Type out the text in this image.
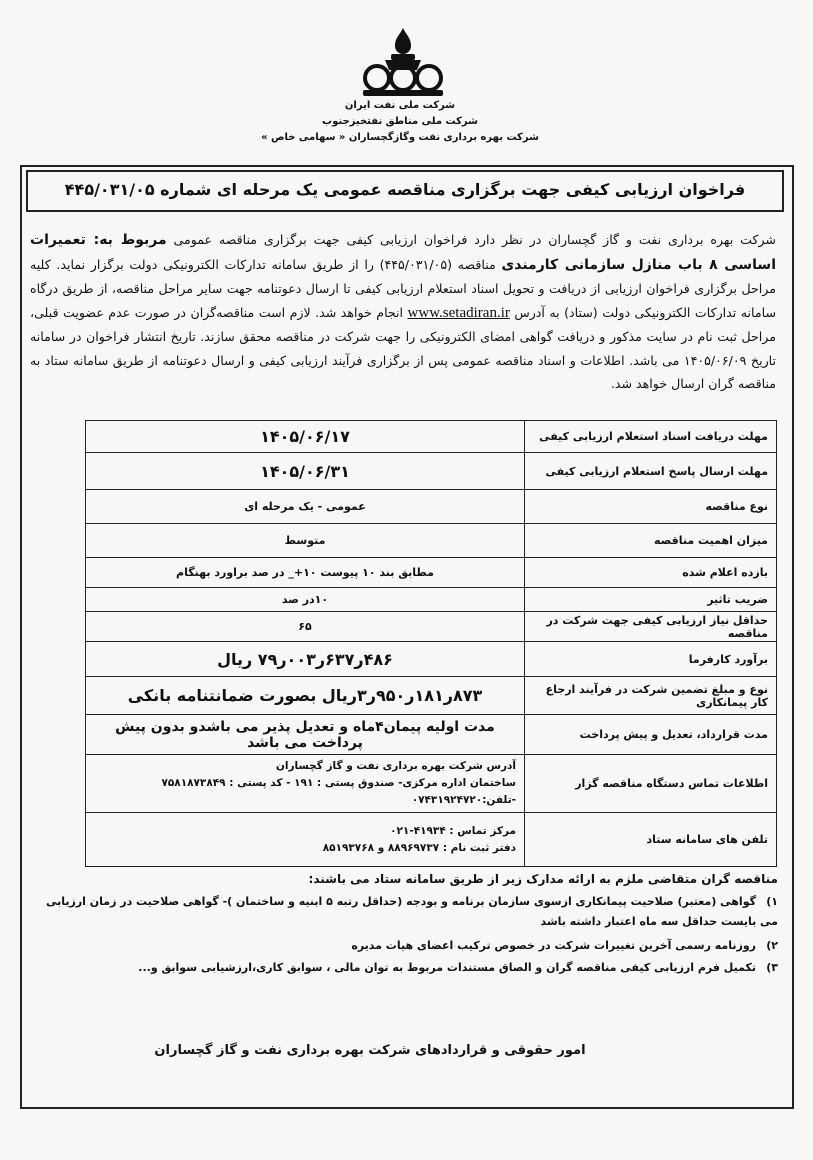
شرکت ملی نفت ایران
شرکت ملی مناطق نفتخیزجنوب
شرکت بهره برداری نفت وگازگچساران « سهامی خاص »
فراخوان ارزیابی کیفی جهت برگزاری مناقصه عمومی یک مرحله ای شماره ۴۴۵/۰۳۱/۰۵
شرکت بهره برداری نفت و گاز گچساران در نظر دارد فراخوان ارزیابی کیفی جهت برگزاری مناقصه عمومی مربوط به: تعمیرات اساسی ۸ باب منازل سازمانی کارمندی مناقصه (۴۴۵/۰۳۱/۰۵) را از طریق سامانه تدارکات الکترونیکی دولت برگزار نماید. کلیه مراحل برگزاری فراخوان ارزیابی از دریافت و تحویل اسناد استعلام ارزیابی کیفی تا ارسال دعوتنامه جهت سایر مراحل مناقصه، از طریق درگاه سامانه تدارکات الکترونیکی دولت (ستاد) به آدرس www.setadiran.ir انجام خواهد شد. لازم است مناقصه‌گران در صورت عدم عضویت قبلی، مراحل ثبت نام در سایت مذکور و دریافت گواهی امضای الکترونیکی را جهت شرکت در مناقصه محقق سازند. تاریخ انتشار فراخوان در سامانه تاریخ ۱۴۰۵/۰۶/۰۹ می باشد. اطلاعات و اسناد مناقصه عمومی پس از برگزاری فرآیند ارزیابی کیفی و ارسال دعوتنامه از طریق سامانه ستاد به مناقصه گران ارسال خواهد شد.
مهلت دریافت اسناد استعلام ارزیابی کیفی	۱۴۰۵/۰۶/۱۷
مهلت ارسال پاسخ استعلام ارزیابی کیفی	۱۴۰۵/۰۶/۳۱
نوع مناقصه	عمومی - یک مرحله ای
میزان اهمیت مناقصه	متوسط
بازده اعلام شده	مطابق بند ۱۰ پیوست ۱۰+_ در صد براورد بهنگام
ضریب تاثیر	۱۰در صد
حداقل نیاز ارزیابی کیفی جهت شرکت در مناقصه	۶۵
برآورد کارفرما	۴۸۶ر۶۳۷ر۰۰۳ر۷۹ ریال
نوع و مبلغ تضمین شرکت در فرآیند ارجاع کار پیمانکاری	۸۷۳ر۱۸۱ر۹۵۰ر۳ریال بصورت ضمانتنامه بانکی
مدت قرارداد، تعدیل و پیش پرداخت	مدت اولیه پیمان۴ماه و تعدیل پذیر می باشدو بدون پیش پرداخت می باشد
اطلاعات تماس دستگاه مناقصه گزار	آدرس شرکت بهره برداری نفت و گاز گچساران
ساختمان اداره مرکزی- صندوق پستی : ۱۹۱ - کد پستی : ۷۵۸۱۸۷۳۸۴۹ -تلفن:۰۷۴۳۱۹۲۴۷۲۰

تلفن های سامانه ستاد	مرکز تماس : ۴۱۹۳۴-۰۲۱
دفتر ثبت نام : ۸۸۹۶۹۷۳۷ و ۸۵۱۹۳۷۶۸
مناقصه گران متقاضی ملزم به ارائه مدارک زیر از طریق سامانه ستاد می باشند:
۱)گواهی (معتبر) صلاحیت پیمانکاری ازسوی سازمان برنامه و بودجه (حداقل رتبه ۵ ابنیه و ساختمان )- گواهی صلاحیت در زمان ارزیابی می بایست حداقل سه ماه اعتبار داشته باشد
۲)روزنامه رسمی آخرین تغییرات شرکت در خصوص ترکیب اعضای هیات مدیره
۳)تکمیل فرم ارزیابی کیفی مناقصه گران و الصاق مستندات مربوط به توان مالی ، سوابق کاری،ارزشیابی سوابق و...
امور حقوقی و قراردادهای شرکت بهره برداری نفت و گاز گچساران
